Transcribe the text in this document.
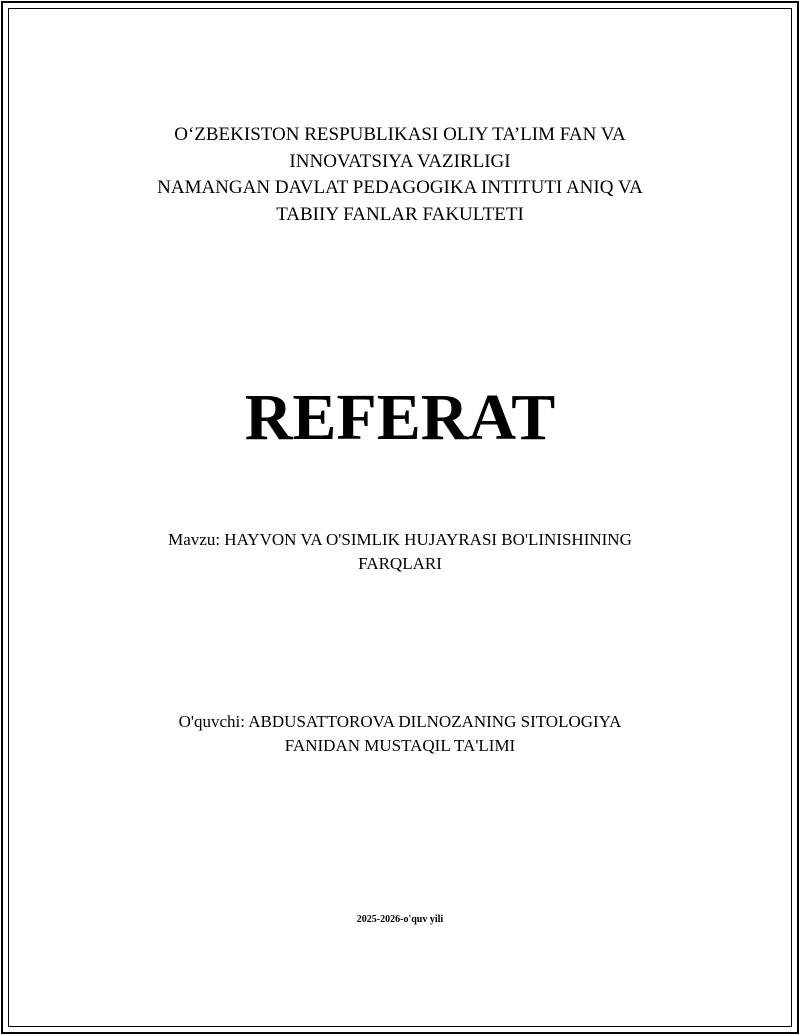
O‘ZBEKISTON RESPUBLIKASI OLIY TA’LIM FAN VA
INNOVATSIYA VAZIRLIGI
NAMANGAN DAVLAT PEDAGOGIKA INTITUTI ANIQ VA
TABIIY FANLAR FAKULTETI
REFERAT
Mavzu: HAYVON VA O'SIMLIK HUJAYRASI BO'LINISHINING
FARQLARI
O'quvchi: ABDUSATTOROVA DILNOZANING SITOLOGIYA
FANIDAN MUSTAQIL TA'LIMI
2025-2026-o'quv yili
